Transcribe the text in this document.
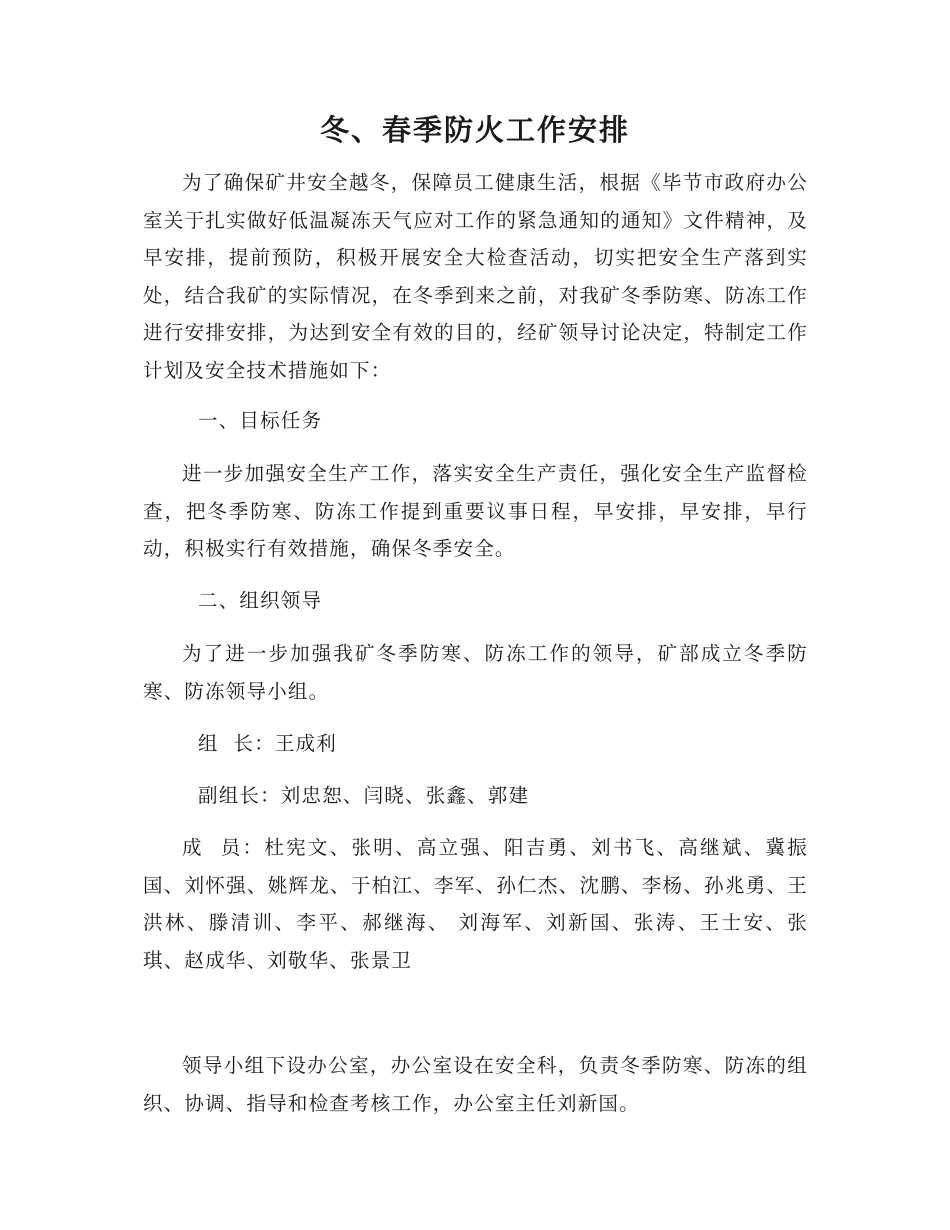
冬、春季防火工作安排

为了确保矿井安全越冬，保障员工健康生活，根据《毕节市政府办公室关于扎实做好低温凝冻天气应对工作的紧急通知的通知》文件精神，及早安排，提前预防，积极开展安全大检查活动，切实把安全生产落到实处，结合我矿的实际情况，在冬季到来之前，对我矿冬季防寒、防冻工作进行安排安排，为达到安全有效的目的，经矿领导讨论决定，特制定工作计划及安全技术措施如下：

一、目标任务

进一步加强安全生产工作，落实安全生产责任，强化安全生产监督检查，把冬季防寒、防冻工作提到重要议事日程，早安排，早安排，早行动，积极实行有效措施，确保冬季安全。

二、组织领导

为了进一步加强我矿冬季防寒、防冻工作的领导，矿部成立冬季防寒、防冻领导小组。

组  长：王成利

副组长：刘忠恕、闫晓、张鑫、郭建

成  员：杜宪文、张明、高立强、阳吉勇、刘书飞、高继斌、冀振国、刘怀强、姚辉龙、于柏江、李军、孙仁杰、沈鹏、李杨、孙兆勇、王洪林、滕清训、李平、郝继海、 刘海军、刘新国、张涛、王士安、张琪、赵成华、刘敬华、张景卫

领导小组下设办公室，办公室设在安全科，负责冬季防寒、防冻的组织、协调、指导和检查考核工作，办公室主任刘新国。
